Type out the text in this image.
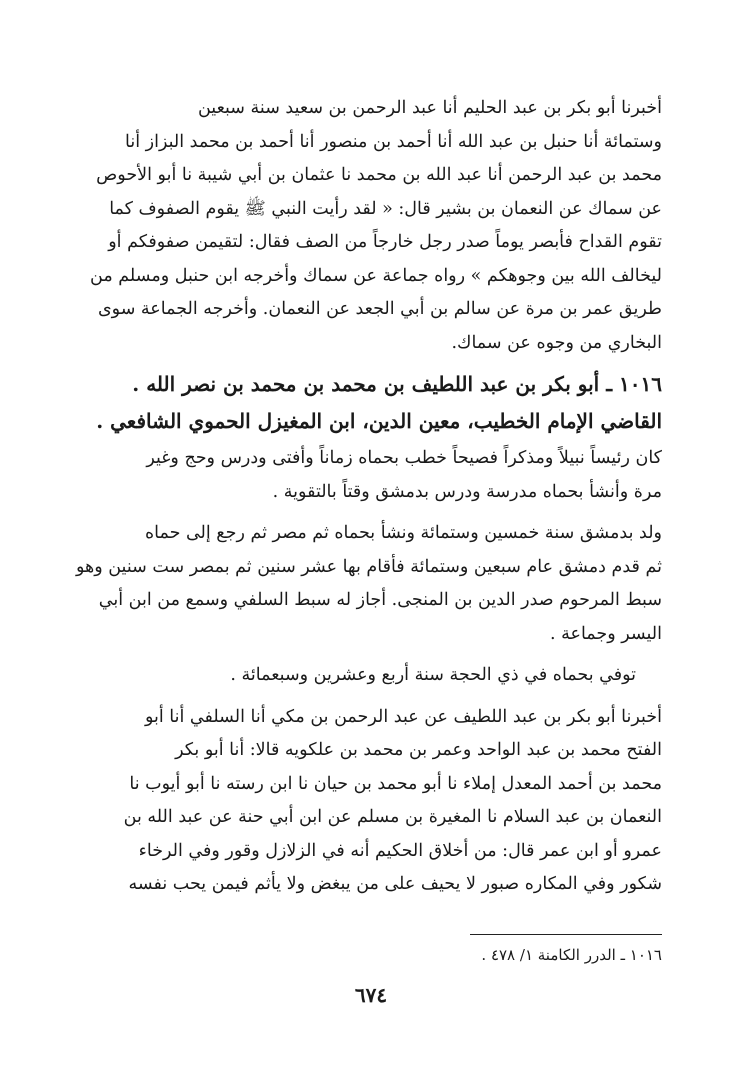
أخبرنا أبو بكر بن عبد الحليم أنا عبد الرحمن بن سعيد سنة سبعين
وستمائة أنا حنبل بن عبد الله أنا أحمد بن منصور أنا أحمد بن محمد البزاز أنا
محمد بن عبد الرحمن أنا عبد الله بن محمد نا عثمان بن أبي شيبة نا أبو الأحوص
عن سماك عن النعمان بن بشير قال: « لقد رأيت النبي ﷺ يقوم الصفوف كما
تقوم القداح فأبصر يوماً صدر رجل خارجاً من الصف فقال: لتقيمن صفوفكم أو
ليخالف الله بين وجوهكم » رواه جماعة عن سماك وأخرجه ابن حنبل ومسلم من
طريق عمر بن مرة عن سالم بن أبي الجعد عن النعمان. وأخرجه الجماعة سوى
البخاري من وجوه عن سماك.

١٠١٦ ـ أبو بكر بن عبد اللطيف بن محمد بن محمد بن نصر الله .
القاضي الإمام الخطيب، معين الدين، ابن المغيزل الحموي الشافعي .

كان رئيساً نبيلاً ومذكراً فصيحاً خطب بحماه زماناً وأفتى ودرس وحج وغير
مرة وأنشأ بحماه مدرسة ودرس بدمشق وقتاً بالتقوية .

ولد بدمشق سنة خمسين وستمائة ونشأ بحماه ثم مصر ثم رجع إلى حماه
ثم قدم دمشق عام سبعين وستمائة فأقام بها عشر سنين ثم بمصر ست سنين وهو
سبط المرحوم صدر الدين بن المنجى. أجاز له سبط السلفي وسمع من ابن أبي
اليسر وجماعة .

توفي بحماه في ذي الحجة سنة أربع وعشرين وسبعمائة .

أخبرنا أبو بكر بن عبد اللطيف عن عبد الرحمن بن مكي أنا السلفي أنا أبو
الفتح محمد بن عبد الواحد وعمر بن محمد بن علكويه قالا: أنا أبو بكر
محمد بن أحمد المعدل إملاء نا أبو محمد بن حيان نا ابن رسته نا أبو أيوب نا
النعمان بن عبد السلام نا المغيرة بن مسلم عن ابن أبي حنة عن عبد الله بن
عمرو أو ابن عمر قال: من أخلاق الحكيم أنه في الزلازل وقور وفي الرخاء
شكور وفي المكاره صبور لا يحيف على من يبغض ولا يأثم فيمن يحب نفسه

١٠١٦ ـ الدرر الكامنة ١/ ٤٧٨ .
٦٧٤
